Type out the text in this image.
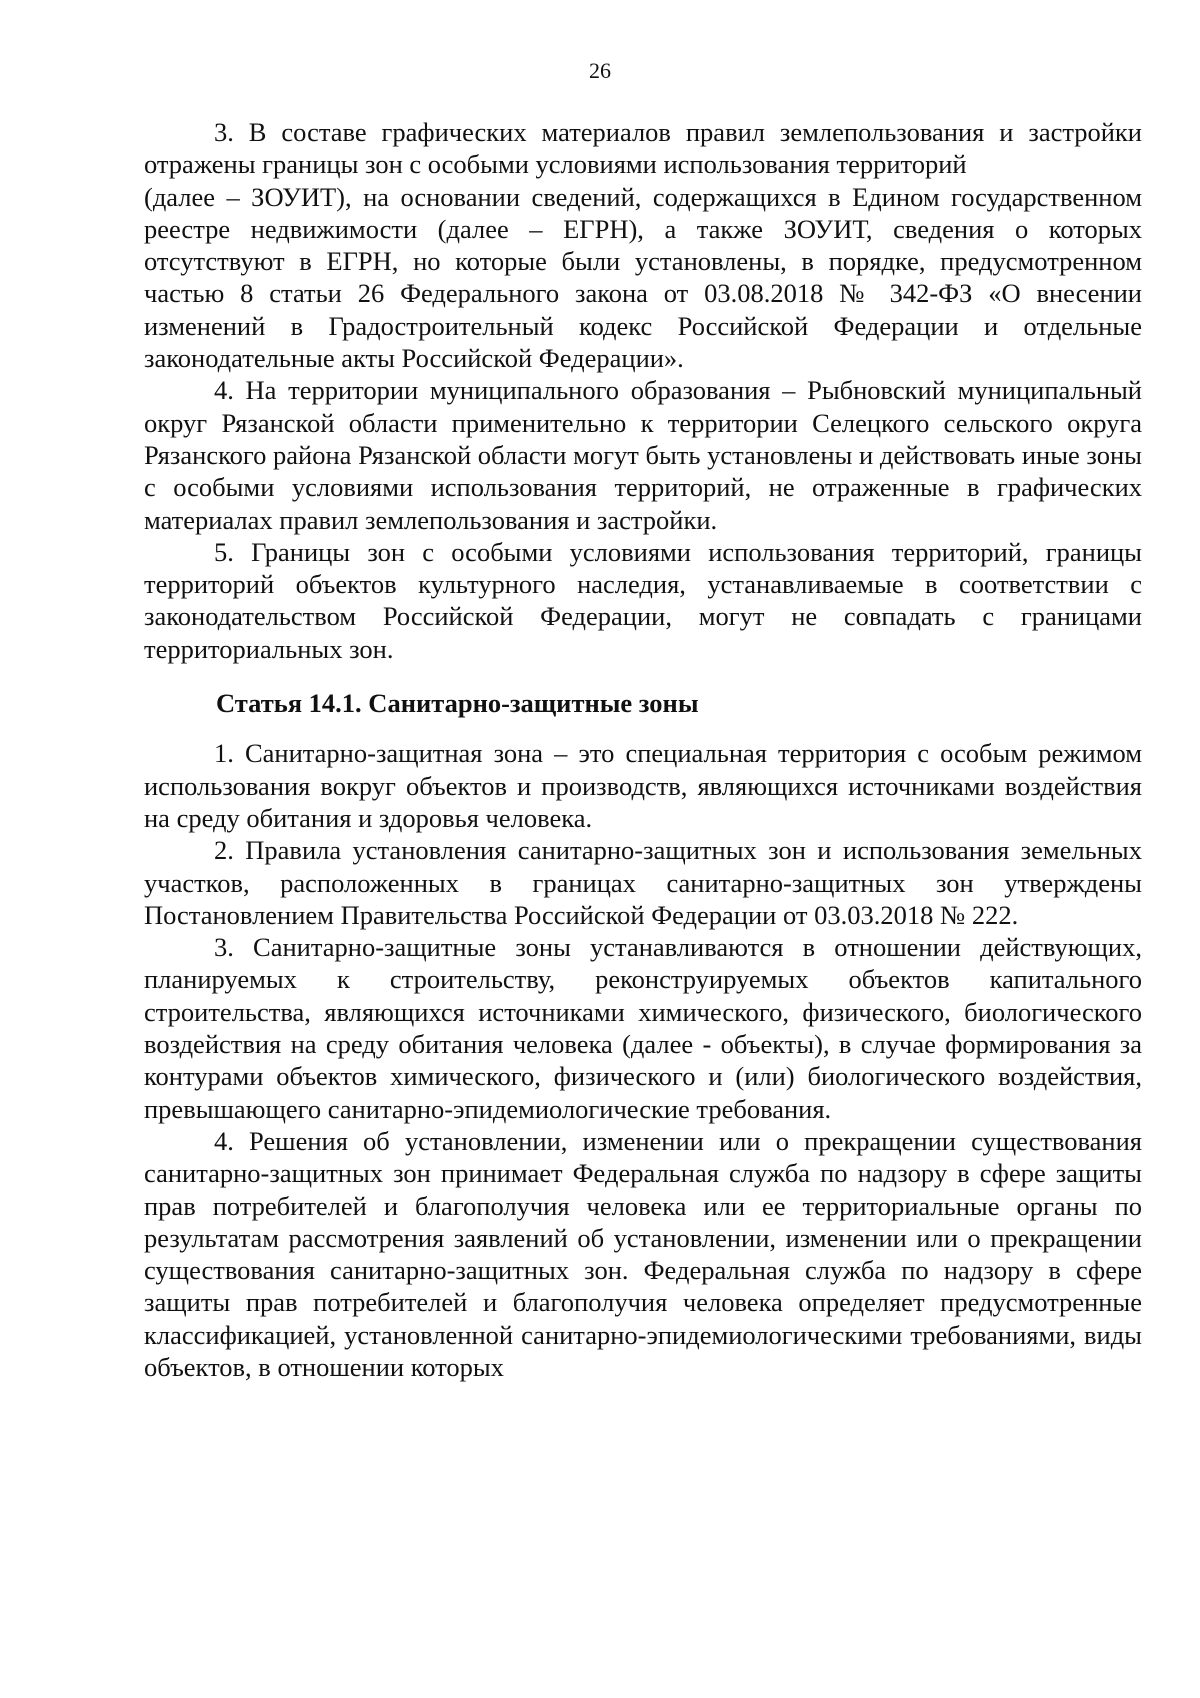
26

3. В составе графических материалов правил землепользования и застройки отражены границы зон с особыми условиями использования территорий

(далее – ЗОУИТ), на основании сведений, содержащихся в Едином государственном реестре недвижимости (далее – ЕГРН), а также ЗОУИТ, сведения о которых отсутствуют в ЕГРН, но которые были установлены, в порядке, предусмотренном частью 8 статьи 26 Федерального закона от 03.08.2018 № 342-ФЗ «О внесении изменений в Градостроительный кодекс Российской Федерации и отдельные законодательные акты Российской Федерации».

4. На территории муниципального образования – Рыбновский муниципальный округ Рязанской области применительно к территории Селецкого сельского округа Рязанского района Рязанской области могут быть установлены и действовать иные зоны с особыми условиями использования территорий, не отраженные в графических материалах правил землепользования и застройки.

5. Границы зон с особыми условиями использования территорий, границы территорий объектов культурного наследия, устанавливаемые в соответствии с законодательством Российской Федерации, могут не совпадать с границами территориальных зон.

Статья 14.1. Санитарно-защитные зоны

1. Санитарно-защитная зона – это специальная территория с особым режимом использования вокруг объектов и производств, являющихся источниками воздействия на среду обитания и здоровья человека.

2. Правила установления санитарно-защитных зон и использования земельных участков, расположенных в границах санитарно-защитных зон утверждены Постановлением Правительства Российской Федерации от 03.03.2018 № 222.

3. Санитарно-защитные зоны устанавливаются в отношении действующих, планируемых к строительству, реконструируемых объектов капитального строительства, являющихся источниками химического, физического, биологического воздействия на среду обитания человека (далее - объекты), в случае формирования за контурами объектов химического, физического и (или) биологического воздействия, превышающего санитарно-эпидемиологические требования.

4. Решения об установлении, изменении или о прекращении существования санитарно-защитных зон принимает Федеральная служба по надзору в сфере защиты прав потребителей и благополучия человека или ее территориальные органы по результатам рассмотрения заявлений об установлении, изменении или о прекращении существования санитарно-защитных зон. Федеральная служба по надзору в сфере защиты прав потребителей и благополучия человека определяет предусмотренные классификацией, установленной санитарно-эпидемиологическими требованиями, виды объектов, в отношении которых
